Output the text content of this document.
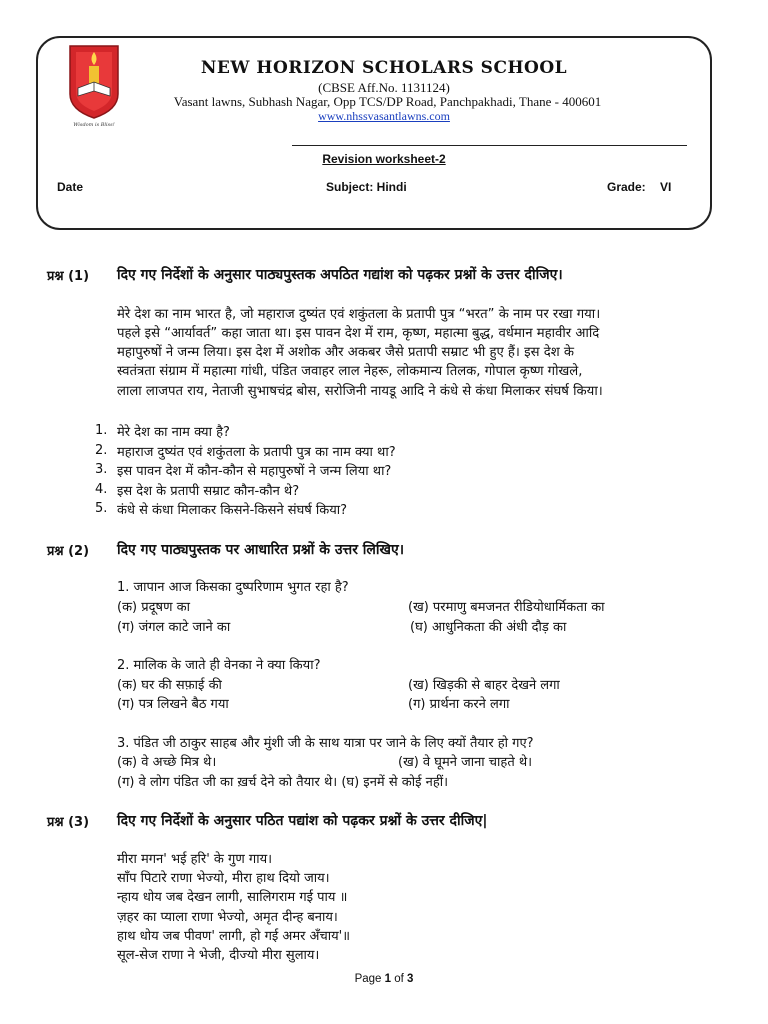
Wisdom is Bliss!
NEW HORIZON SCHOLARS SCHOOL
(CBSE Aff.No. 1131124)
Vasant lawns, Subhash Nagar, Opp TCS/DP Road, Panchpakhadi, Thane - 400601
www.nhssvasantlawns.com
Revision worksheet-2
Date	Subject: Hindi	Grade: VI
प्रश्न (1) दिए गए निर्देशों के अनुसार पाठ्यपुस्तक अपठित गद्यांश को पढ़कर प्रश्नों के उत्तर दीजिए।
मेरे देश का नाम भारत है, जो महाराज दुष्यंत एवं शकुंतला के प्रतापी पुत्र “भरत” के नाम पर रखा गया।
पहले इसे “आर्यावर्त” कहा जाता था। इस पावन देश में राम, कृष्ण, महात्मा बुद्ध, वर्धमान महावीर आदि
महापुरुषों ने जन्म लिया। इस देश में अशोक और अकबर जैसे प्रतापी सम्राट भी हुए हैं। इस देश के
स्वतंत्रता संग्राम में महात्मा गांधी, पंडित जवाहर लाल नेहरू, लोकमान्य तिलक, गोपाल कृष्ण गोखले,
लाला लाजपत राय, नेताजी सुभाषचंद्र बोस, सरोजिनी नायडू आदि ने कंधे से कंधा मिलाकर संघर्ष किया।
1. मेरे देश का नाम क्या है?
2. महाराज दुष्यंत एवं शकुंतला के प्रतापी पुत्र का नाम क्या था?
3. इस पावन देश में कौन-कौन से महापुरुषों ने जन्म लिया था?
4. इस देश के प्रतापी सम्राट कौन-कौन थे?
5. कंधे से कंधा मिलाकर किसने-किसने संघर्ष किया?
प्रश्न (2) दिए गए पाठ्यपुस्तक पर आधारित प्रश्नों के उत्तर लिखिए।
1. जापान आज किसका दुष्परिणाम भुगत रहा है?
(क) प्रदूषण का	(ख) परमाणु बमजनत रीडियोधार्मिकता का
(ग) जंगल काटे जाने का	(घ) आधुनिकता की अंधी दौड़ का
2. मालिक के जाते ही वेनका ने क्या किया?
(क) घर की सफ़ाई की	(ख) खिड़की से बाहर देखने लगा
(ग) पत्र लिखने बैठ गया	(ग) प्रार्थना करने लगा
3. पंडित जी ठाकुर साहब और मुंशी जी के साथ यात्रा पर जाने के लिए क्यों तैयार हो गए?
(क) वे अच्छे मित्र थे।	(ख) वे घूमने जाना चाहते थे।
(ग) वे लोग पंडित जी का ख़र्च देने को तैयार थे। (घ) इनमें से कोई नहीं।
प्रश्न (3) दिए गए निर्देशों के अनुसार पठित पद्यांश को पढ़कर प्रश्नों के उत्तर दीजिए|
मीरा मगन' भई हरि' के गुण गाय।
साँप पिटारे राणा भेज्यो, मीरा हाथ दियो जाय।
न्हाय धोय जब देखन लागी, सालिगराम गई पाय ॥
ज़हर का प्याला राणा भेज्यो, अमृत दीन्ह बनाय।
हाथ धोय जब पीवण' लागी, हो गई अमर अँचाय'॥
सूल-सेज राणा ने भेजी, दीज्यो मीरा सुलाय।
Page 1 of 3
